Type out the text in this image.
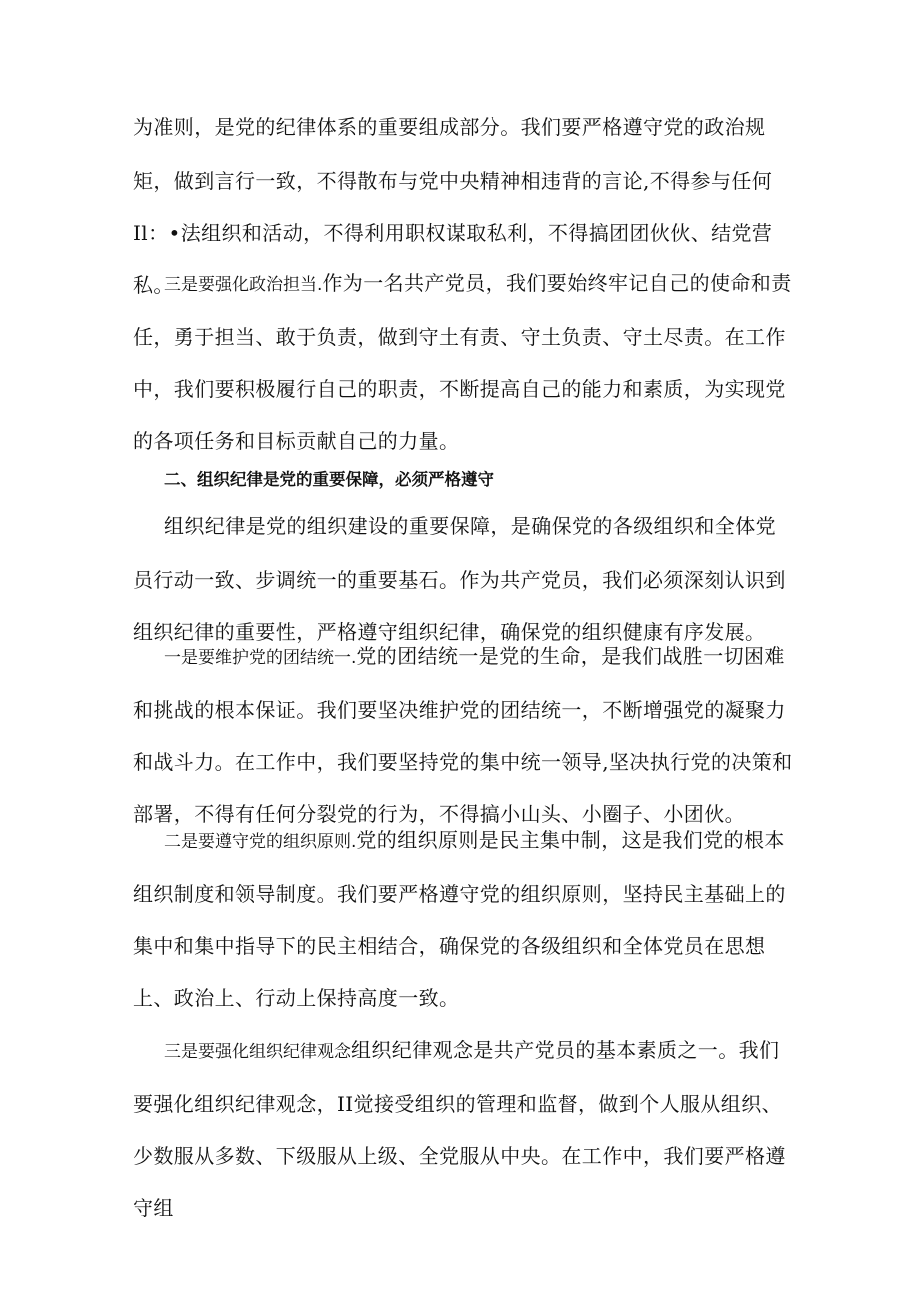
为准则，是党的纪律体系的重要组成部分。我们要严格遵守党的政治规矩，做到言行一致，不得散布与党中央精神相违背的言论,不得参与任何Il：•法组织和活动，不得利用职权谋取私利，不得搞团团伙伙、结党营私。

三是要强化政治担当.作为一名共产党员，我们要始终牢记自己的使命和责任，勇于担当、敢于负责，做到守土有责、守土负责、守土尽责。在工作中，我们要积极履行自己的职责，不断提高自己的能力和素质，为实现党的各项任务和目标贡献自己的力量。

二、组织纪律是党的重要保障，必须严格遵守

组织纪律是党的组织建设的重要保障，是确保党的各级组织和全体党员行动一致、步调统一的重要基石。作为共产党员，我们必须深刻认识到组织纪律的重要性，严格遵守组织纪律，确保党的组织健康有序发展。

一是要维护党的团结统一.党的团结统一是党的生命，是我们战胜一切困难和挑战的根本保证。我们要坚决维护党的团结统一，不断增强党的凝聚力和战斗力。在工作中，我们要坚持党的集中统一领导,坚决执行党的决策和部署，不得有任何分裂党的行为，不得搞小山头、小圈子、小团伙。

二是要遵守党的组织原则.党的组织原则是民主集中制，这是我们党的根本组织制度和领导制度。我们要严格遵守党的组织原则，坚持民主基础上的集中和集中指导下的民主相结合，确保党的各级组织和全体党员在思想上、政治上、行动上保持高度一致。

三是要强化组织纪律观念组织纪律观念是共产党员的基本素质之一。我们要强化组织纪律观念，ⅠI觉接受组织的管理和监督，做到个人服从组织、少数服从多数、下级服从上级、全党服从中央。在工作中，我们要严格遵守组
